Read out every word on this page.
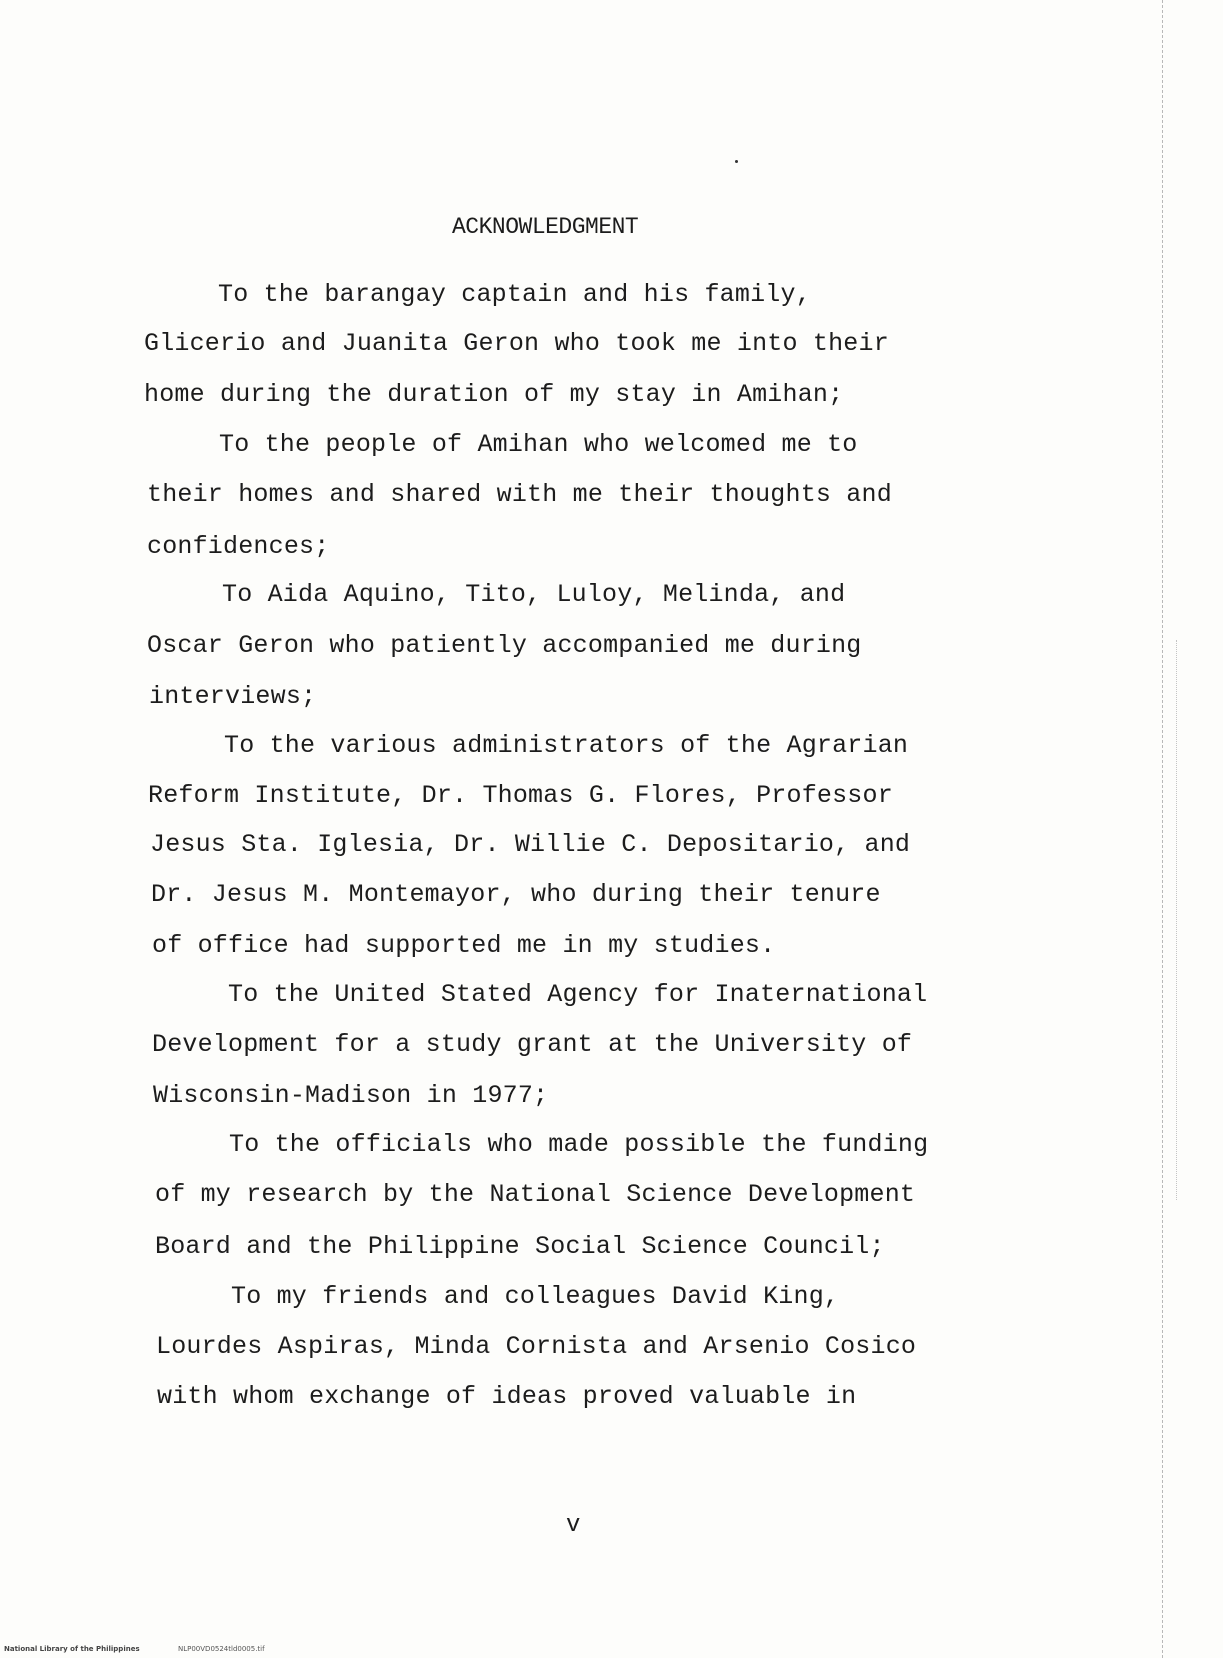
ACKNOWLEDGMENT
To the barangay captain and his family,
Glicerio and Juanita Geron who took me into their
home during the duration of my stay in Amihan;
To the people of Amihan who welcomed me to
their homes and shared with me their thoughts and
confidences;
To Aida Aquino, Tito, Luloy, Melinda, and
Oscar Geron who patiently accompanied me during
interviews;
To the various administrators of the Agrarian
Reform Institute, Dr. Thomas G. Flores, Professor
Jesus Sta. Iglesia, Dr. Willie C. Depositario, and
Dr. Jesus M. Montemayor, who during their tenure
of office had supported me in my studies.
To the United Stated Agency for Inaternational
Development for a study grant at the University of
Wisconsin-Madison in 1977;
To the officials who made possible the funding
of my research by the National Science Development
Board and the Philippine Social Science Council;
To my friends and colleagues David King,
Lourdes Aspiras, Minda Cornista and Arsenio Cosico
with whom exchange of ideas proved valuable in
v
National Library of the Philippines	NLP00VD0524tld0005.tif
